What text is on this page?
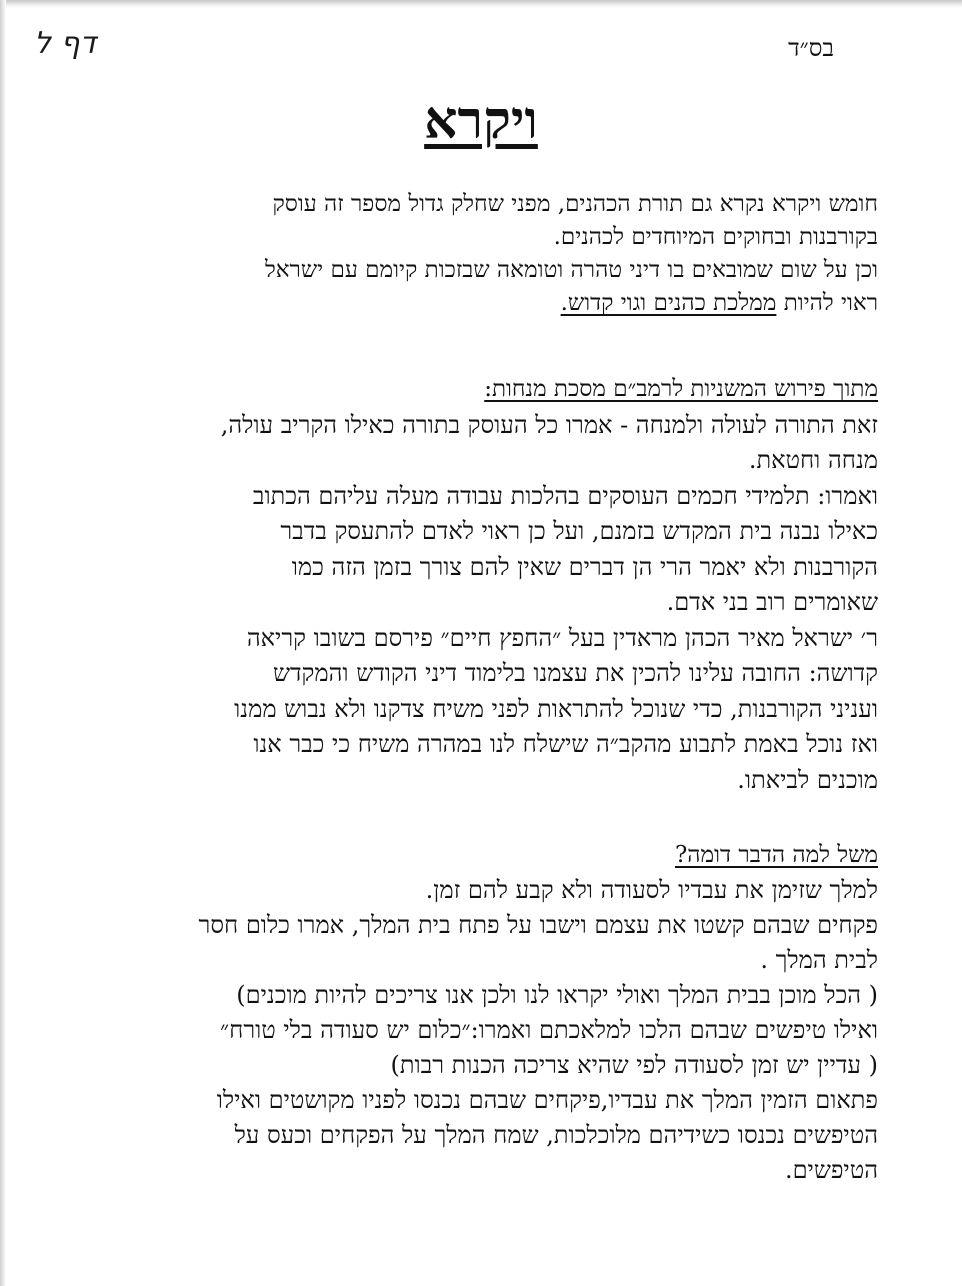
בס״ד
דף ל
ויקרא
חומש ויקרא נקרא גם תורת הכהנים, מפני שחלק גדול מספר זה עוסק
בקורבנות ובחוקים המיוחדים לכהנים.
וכן על שום שמובאים בו דיני טהרה וטומאה שבזכות קיומם עם ישראל
ראוי להיות ממלכת כהנים וגוי קדוש.
מתוך פירוש המשניות לרמב״ם מסכת מנחות:
זאת התורה לעולה ולמנחה - אמרו כל העוסק בתורה כאילו הקריב עולה,
מנחה וחטאת.
ואמרו: תלמידי חכמים העוסקים בהלכות עבודה מעלה עליהם הכתוב
כאילו נבנה בית המקדש בזמנם, ועל כן ראוי לאדם להתעסק בדבר
הקורבנות ולא יאמר הרי הן דברים שאין להם צורך בזמן הזה כמו
שאומרים רוב בני אדם.
ר׳ ישראל מאיר הכהן מראדין בעל ״החפץ חיים״ פירסם בשובו קריאה
קדושה: החובה עלינו להכין את עצמנו בלימוד דיני הקודש והמקדש
ועניני הקורבנות, כדי שנוכל להתראות לפני משיח צדקנו ולא נבוש ממנו
ואז נוכל באמת לתבוע מהקב״ה שישלח לנו במהרה משיח כי כבר אנו
מוכנים לביאתו.
משל למה הדבר דומה?
למלך שזימן את עבדיו לסעודה ולא קבע להם זמן.
פקחים שבהם קשטו את עצמם וישבו על פתח בית המלך, אמרו כלום חסר
לבית המלך .
( הכל מוכן בבית המלך ואולי יקראו לנו ולכן אנו צריכים להיות מוכנים)
ואילו טיפשים שבהם הלכו למלאכתם ואמרו:״כלום יש סעודה בלי טורח״
( עדיין יש זמן לסעודה לפי שהיא צריכה הכנות רבות)
פתאום הזמין המלך את עבדיו,פיקחים שבהם נכנסו לפניו מקושטים ואילו
הטיפשים נכנסו כשידיהם מלוכלכות, שמח המלך על הפקחים וכעס על
הטיפשים.
